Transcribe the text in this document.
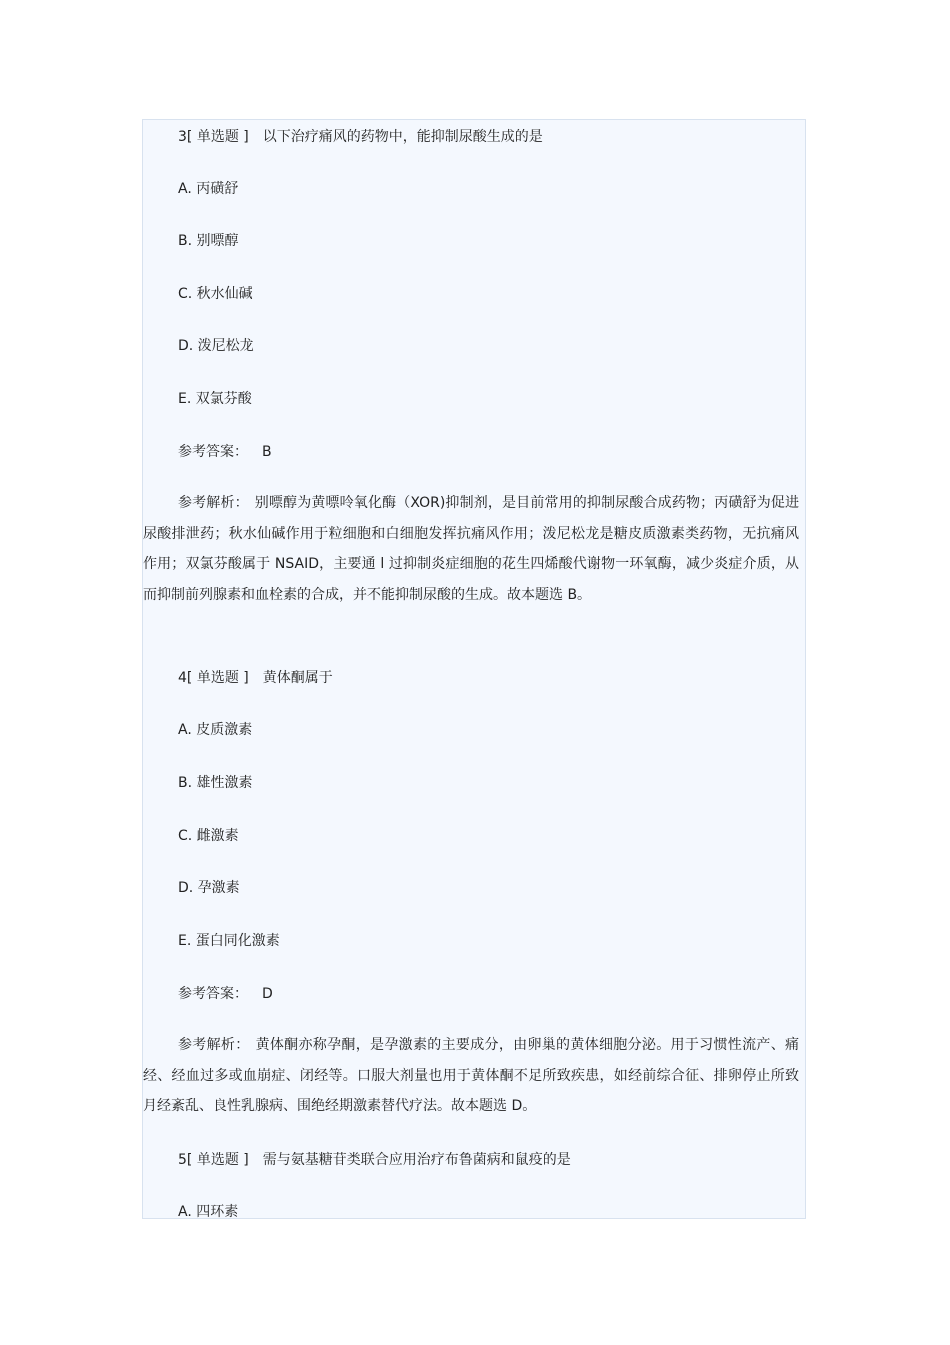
3[ 单选题 ] 以下治疗痛风的药物中，能抑制尿酸生成的是
A. 丙磺舒
B. 别嘌醇
C. 秋水仙碱
D. 泼尼松龙
E. 双氯芬酸
参考答案： B
参考解析： 别嘌醇为黄嘌呤氧化酶（XOR)抑制剂，是目前常用的抑制尿酸合成药物；丙磺舒为促进尿酸排泄药；秋水仙碱作用于粒细胞和白细胞发挥抗痛风作用；泼尼松龙是糖皮质激素类药物，无抗痛风作用；双氯芬酸属于 NSAID，主要通 l 过抑制炎症细胞的花生四烯酸代谢物一环氧酶，减少炎症介质，从而抑制前列腺素和血栓素的合成，并不能抑制尿酸的生成。故本题选 B。
4[ 单选题 ] 黄体酮属于
A. 皮质激素
B. 雄性激素
C. 雌激素
D. 孕激素
E. 蛋白同化激素
参考答案： D
参考解析： 黄体酮亦称孕酮，是孕激素的主要成分，由卵巢的黄体细胞分泌。用于习惯性流产、痛经、经血过多或血崩症、闭经等。口服大剂量也用于黄体酮不足所致疾患，如经前综合征、排卵停止所致月经紊乱、良性乳腺病、围绝经期激素替代疗法。故本题选 D。
5[ 单选题 ] 需与氨基糖苷类联合应用治疗布鲁菌病和鼠疫的是
A. 四环素
